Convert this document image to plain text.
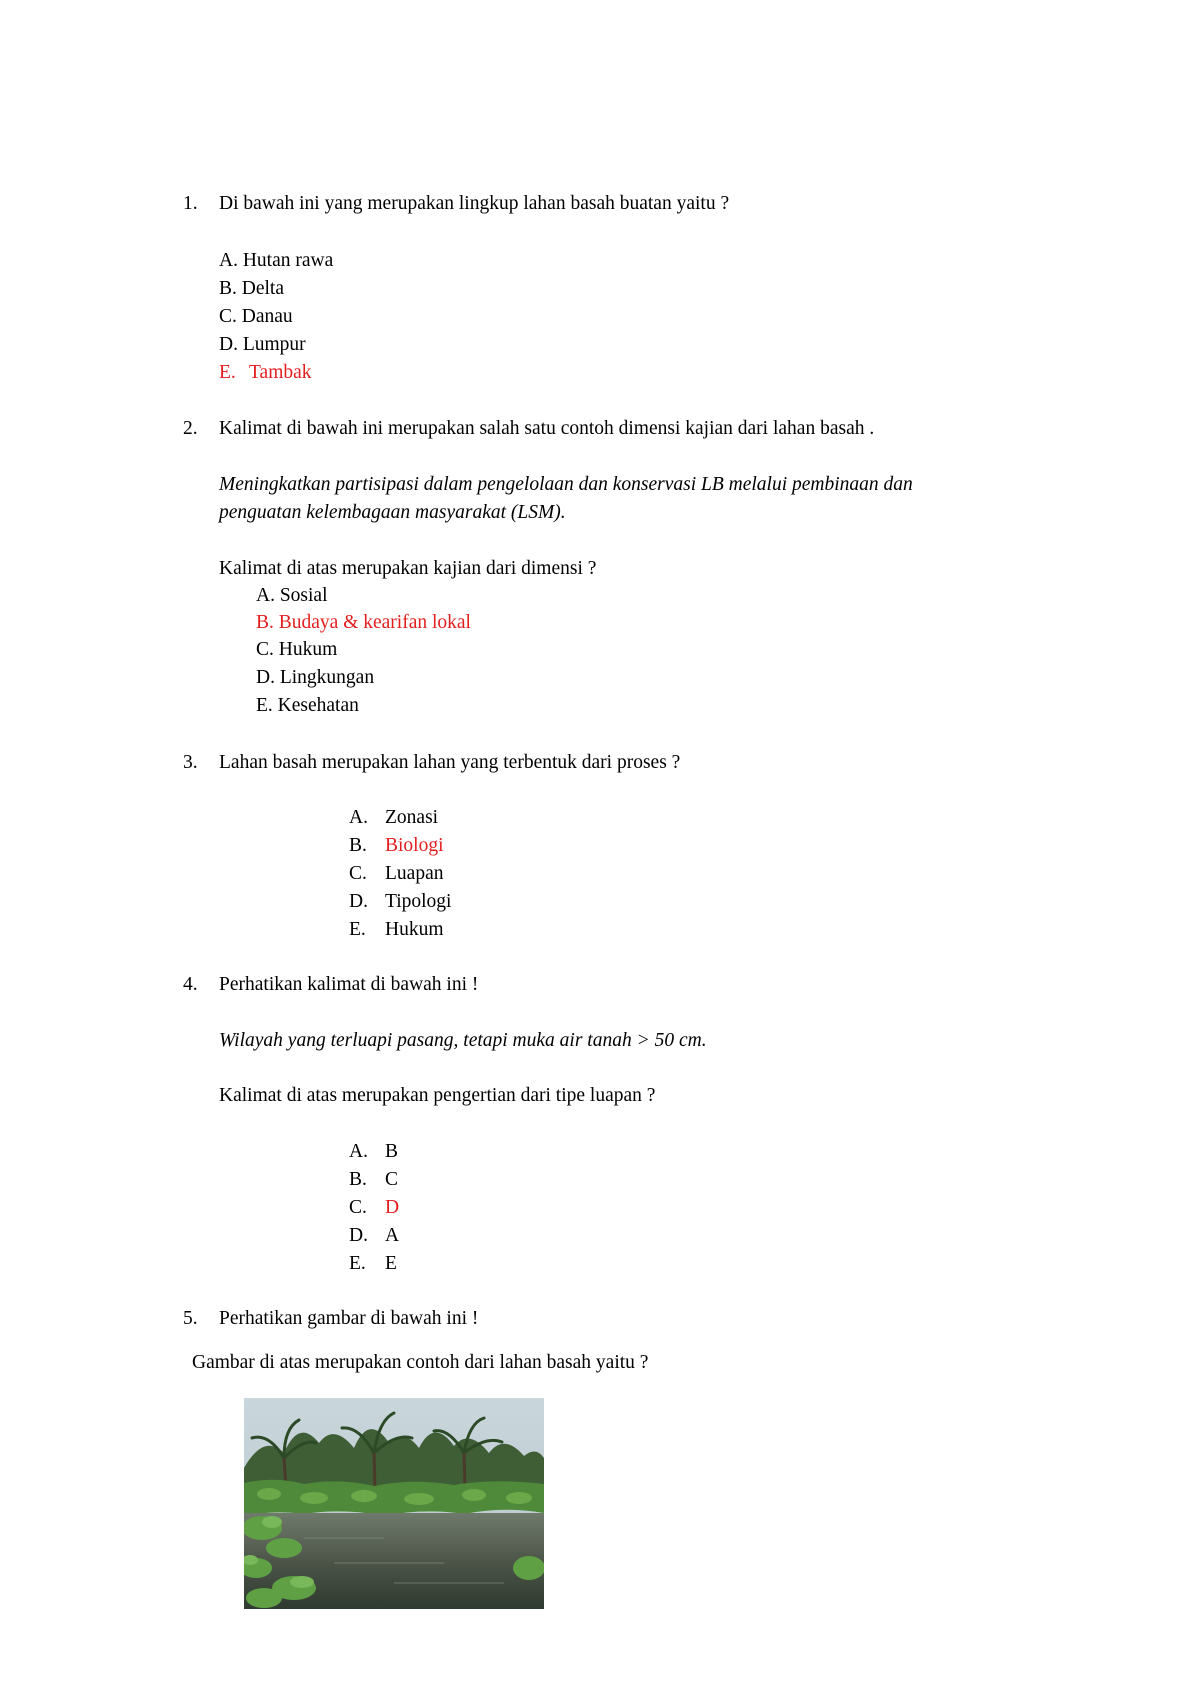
1. Di bawah ini yang merupakan lingkup lahan basah buatan yaitu ?
A. Hutan rawa
B. Delta
C. Danau
D. Lumpur
E. Tambak
2. Kalimat di bawah ini merupakan salah satu contoh dimensi kajian dari lahan basah .
Meningkatkan partisipasi dalam pengelolaan dan konservasi LB melalui pembinaan dan
penguatan kelembagaan masyarakat (LSM).
Kalimat di atas merupakan kajian dari dimensi ?
A. Sosial
B. Budaya & kearifan lokal
C. Hukum
D. Lingkungan
E. Kesehatan
3. Lahan basah merupakan lahan yang terbentuk dari proses ?
A. Zonasi
B. Biologi
C. Luapan
D. Tipologi
E. Hukum
4. Perhatikan kalimat di bawah ini !
Wilayah yang terluapi pasang, tetapi muka air tanah > 50 cm.
Kalimat di atas merupakan pengertian dari tipe luapan ?
A. B
B. C
C. D
D. A
E. E
5. Perhatikan gambar di bawah ini !
Gambar di atas merupakan contoh dari lahan basah yaitu ?
